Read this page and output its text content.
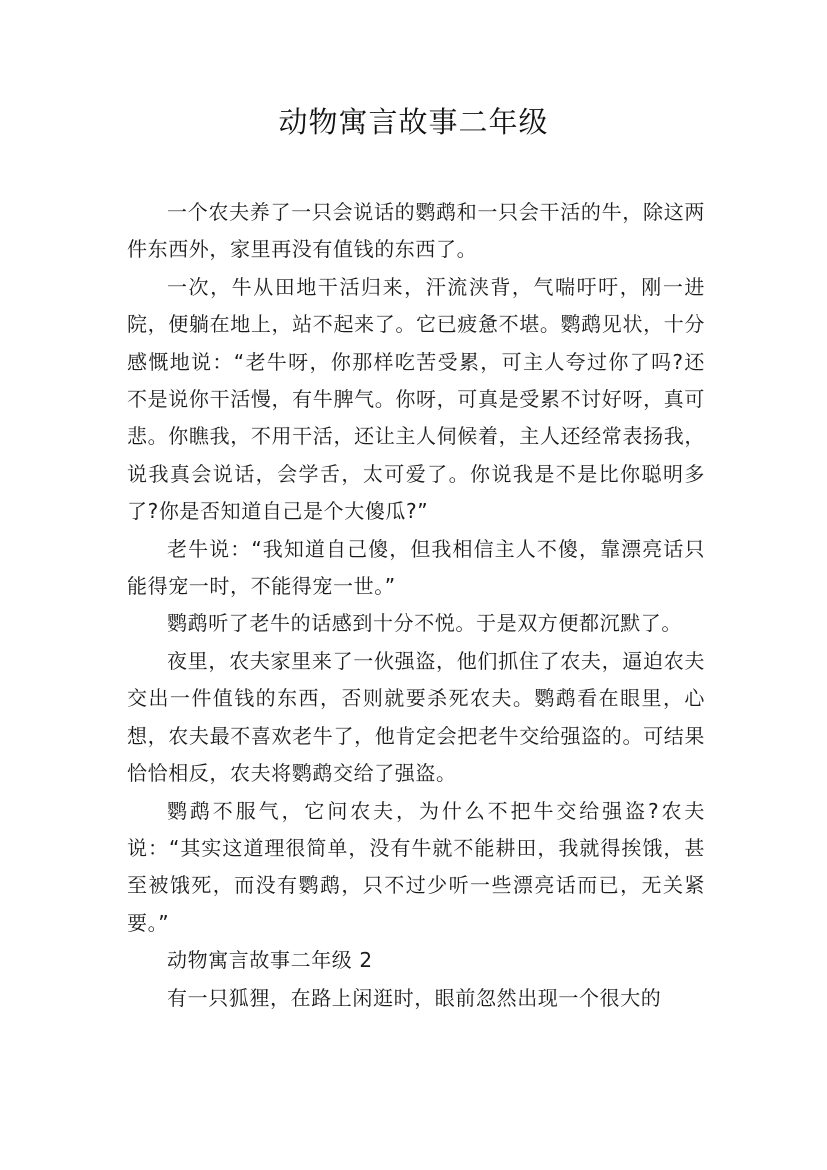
动物寓言故事二年级

一个农夫养了一只会说话的鹦鹉和一只会干活的牛，除这两件东西外，家里再没有值钱的东西了。

一次，牛从田地干活归来，汗流浃背，气喘吁吁，刚一进院，便躺在地上，站不起来了。它已疲惫不堪。鹦鹉见状，十分感慨地说：“老牛呀，你那样吃苦受累，可主人夸过你了吗?还不是说你干活慢，有牛脾气。你呀，可真是受累不讨好呀，真可悲。你瞧我，不用干活，还让主人伺候着，主人还经常表扬我，说我真会说话，会学舌，太可爱了。你说我是不是比你聪明多了?你是否知道自己是个大傻瓜?”

老牛说：“我知道自己傻，但我相信主人不傻，靠漂亮话只能得宠一时，不能得宠一世。”

鹦鹉听了老牛的话感到十分不悦。于是双方便都沉默了。

夜里，农夫家里来了一伙强盗，他们抓住了农夫，逼迫农夫交出一件值钱的东西，否则就要杀死农夫。鹦鹉看在眼里，心想，农夫最不喜欢老牛了，他肯定会把老牛交给强盗的。可结果恰恰相反，农夫将鹦鹉交给了强盗。

鹦鹉不服气，它问农夫，为什么不把牛交给强盗?农夫说：“其实这道理很简单，没有牛就不能耕田，我就得挨饿，甚至被饿死，而没有鹦鹉，只不过少听一些漂亮话而已，无关紧要。”

动物寓言故事二年级 2

有一只狐狸，在路上闲逛时，眼前忽然出现一个很大的
